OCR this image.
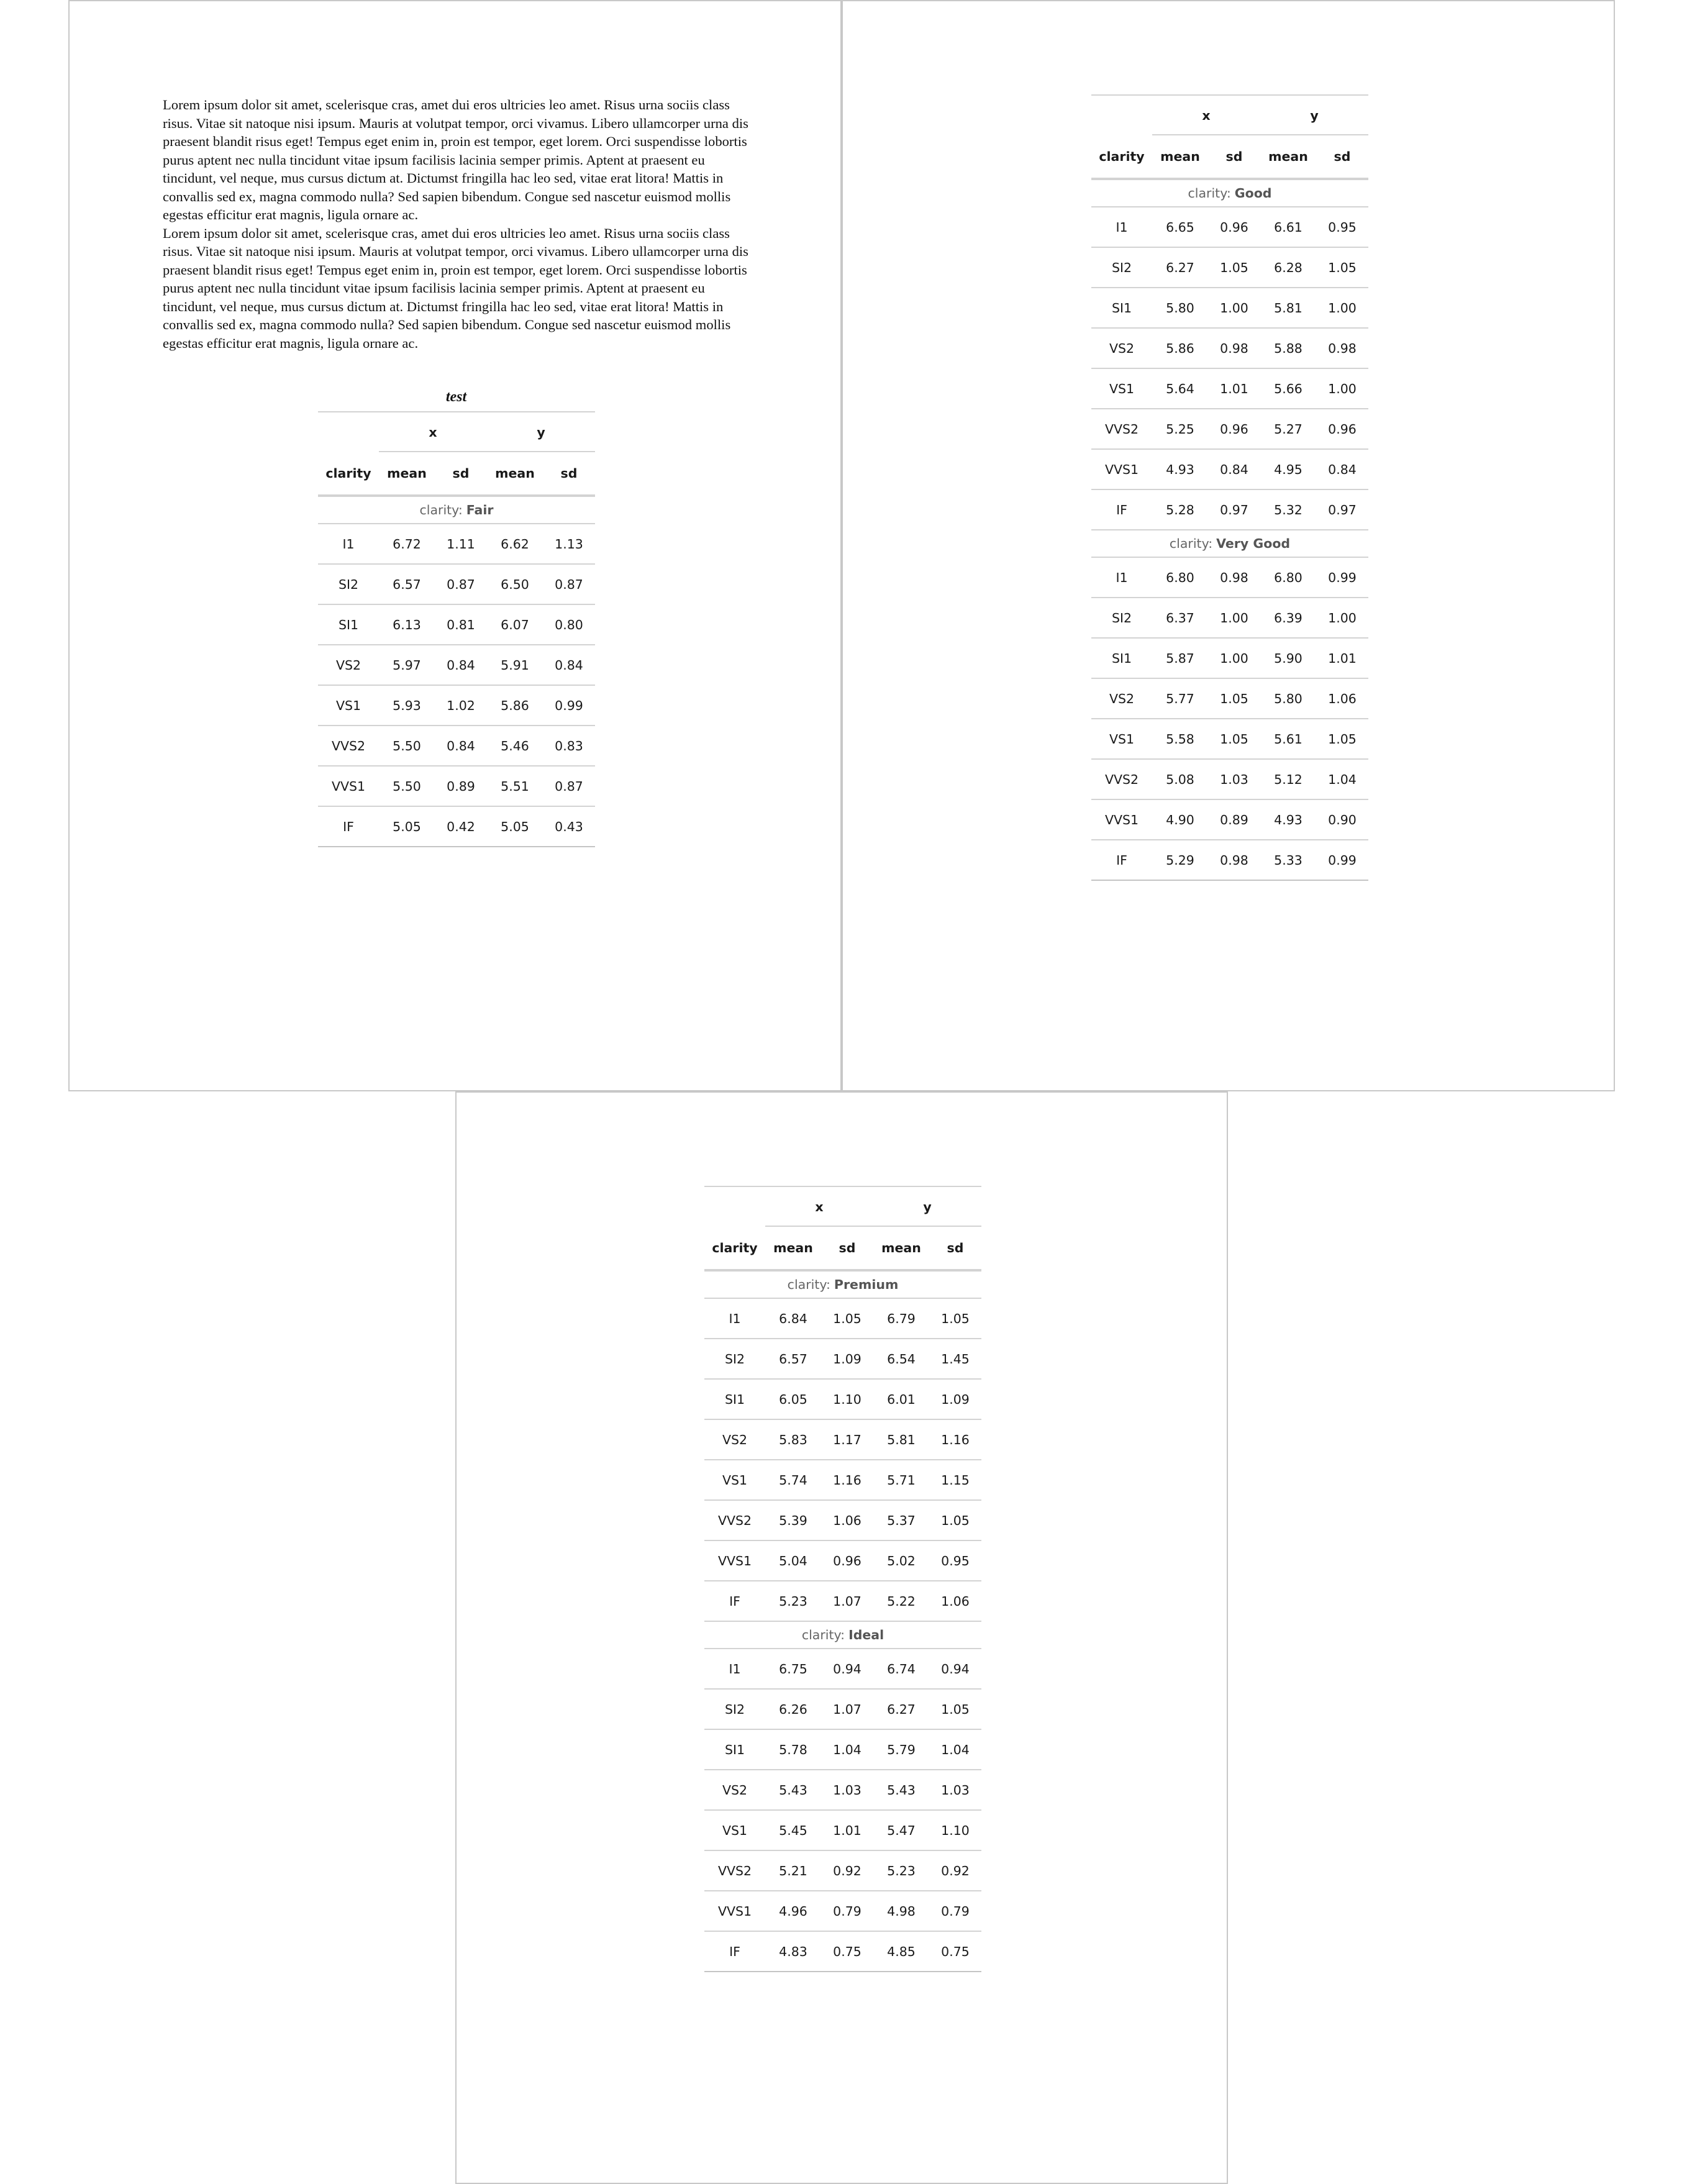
Lorem ipsum dolor sit amet, scelerisque cras, amet dui eros ultricies leo amet. Risus urna sociis class risus. Vitae sit natoque nisi ipsum. Mauris at volutpat tempor, orci vivamus. Libero ullamcorper urna dis praesent blandit risus eget! Tempus eget enim in, proin est tempor, eget lorem. Orci suspendisse lobortis purus aptent nec nulla tincidunt vitae ipsum facilisis lacinia semper primis. Aptent at praesent eu tincidunt, vel neque, mus cursus dictum at. Dictumst fringilla hac leo sed, vitae erat litora! Mattis in convallis sed ex, magna commodo nulla? Sed sapien bibendum. Congue sed nascetur euismod mollis egestas efficitur erat magnis, ligula ornare ac.

Lorem ipsum dolor sit amet, scelerisque cras, amet dui eros ultricies leo amet. Risus urna sociis class risus. Vitae sit natoque nisi ipsum. Mauris at volutpat tempor, orci vivamus. Libero ullamcorper urna dis praesent blandit risus eget! Tempus eget enim in, proin est tempor, eget lorem. Orci suspendisse lobortis purus aptent nec nulla tincidunt vitae ipsum facilisis lacinia semper primis. Aptent at praesent eu tincidunt, vel neque, mus cursus dictum at. Dictumst fringilla hac leo sed, vitae erat litora! Mattis in convallis sed ex, magna commodo nulla? Sed sapien bibendum. Congue sed nascetur euismod mollis egestas efficitur erat magnis, ligula ornare ac.

test
x	y
clarity	mean	sd	mean	sd
clarity: Fair
I1	6.72	1.11	6.62	1.13
SI2	6.57	0.87	6.50	0.87
SI1	6.13	0.81	6.07	0.80
VS2	5.97	0.84	5.91	0.84
VS1	5.93	1.02	5.86	0.99
VVS2	5.50	0.84	5.46	0.83
VVS1	5.50	0.89	5.51	0.87
IF	5.05	0.42	5.05	0.43
x	y
clarity	mean	sd	mean	sd
clarity: Good
I1	6.65	0.96	6.61	0.95
SI2	6.27	1.05	6.28	1.05
SI1	5.80	1.00	5.81	1.00
VS2	5.86	0.98	5.88	0.98
VS1	5.64	1.01	5.66	1.00
VVS2	5.25	0.96	5.27	0.96
VVS1	4.93	0.84	4.95	0.84
IF	5.28	0.97	5.32	0.97
clarity: Very Good
I1	6.80	0.98	6.80	0.99
SI2	6.37	1.00	6.39	1.00
SI1	5.87	1.00	5.90	1.01
VS2	5.77	1.05	5.80	1.06
VS1	5.58	1.05	5.61	1.05
VVS2	5.08	1.03	5.12	1.04
VVS1	4.90	0.89	4.93	0.90
IF	5.29	0.98	5.33	0.99
x	y
clarity	mean	sd	mean	sd
clarity: Premium
I1	6.84	1.05	6.79	1.05
SI2	6.57	1.09	6.54	1.45
SI1	6.05	1.10	6.01	1.09
VS2	5.83	1.17	5.81	1.16
VS1	5.74	1.16	5.71	1.15
VVS2	5.39	1.06	5.37	1.05
VVS1	5.04	0.96	5.02	0.95
IF	5.23	1.07	5.22	1.06
clarity: Ideal
I1	6.75	0.94	6.74	0.94
SI2	6.26	1.07	6.27	1.05
SI1	5.78	1.04	5.79	1.04
VS2	5.43	1.03	5.43	1.03
VS1	5.45	1.01	5.47	1.10
VVS2	5.21	0.92	5.23	0.92
VVS1	4.96	0.79	4.98	0.79
IF	4.83	0.75	4.85	0.75
